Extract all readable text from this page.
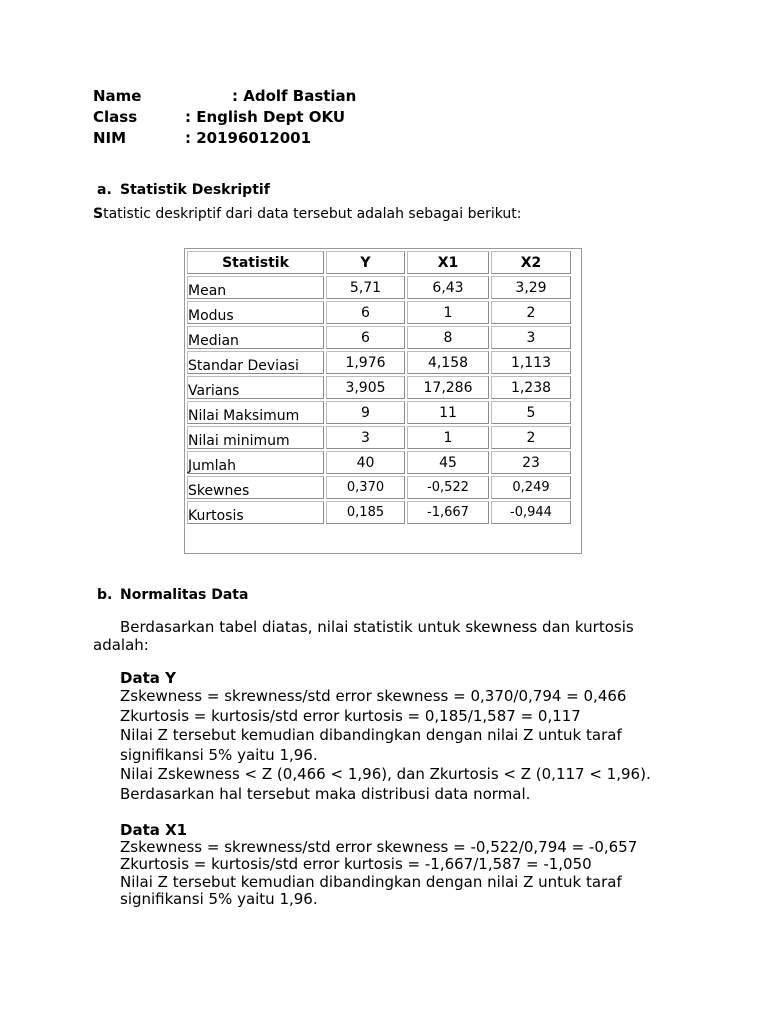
Name	: Adolf Bastian
Class	: English Dept OKU
NIM	: 20196012001
a. Statistik Deskriptif
Statistic deskriptif dari data tersebut adalah sebagai berikut:
Statistik	Y	X1	X2
Mean	5,71	6,43	3,29
Modus	6	1	2
Median	6	8	3
Standar Deviasi	1,976	4,158	1,113
Varians	3,905	17,286	1,238
Nilai Maksimum	9	11	5
Nilai minimum	3	1	2
Jumlah	40	45	23
Skewnes	0,370	-0,522	0,249
Kurtosis	0,185	-1,667	-0,944
b. Normalitas Data
Berdasarkan tabel diatas, nilai statistik untuk skewness dan kurtosis
adalah:
Data Y
Zskewness = skrewness/std error skewness = 0,370/0,794 = 0,466
Zkurtosis = kurtosis/std error kurtosis = 0,185/1,587 = 0,117
Nilai Z tersebut kemudian dibandingkan dengan nilai Z untuk taraf
signifikansi 5% yaitu 1,96.
Nilai Zskewness < Z (0,466 < 1,96), dan Zkurtosis < Z (0,117 < 1,96).
Berdasarkan hal tersebut maka distribusi data normal.
Data X1
Zskewness = skrewness/std error skewness = -0,522/0,794 = -0,657
Zkurtosis = kurtosis/std error kurtosis = -1,667/1,587 = -1,050
Nilai Z tersebut kemudian dibandingkan dengan nilai Z untuk taraf
signifikansi 5% yaitu 1,96.
